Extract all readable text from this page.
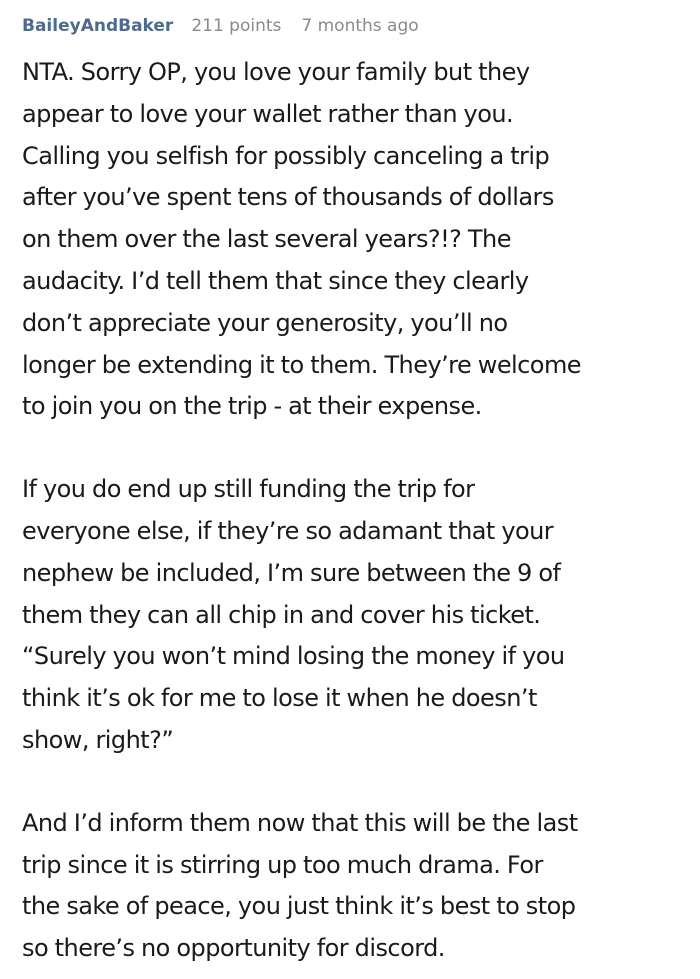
BaileyAndBaker 211 points 7 months ago

NTA. Sorry OP, you love your family but they
appear to love your wallet rather than you.
Calling you selfish for possibly canceling a trip
after you’ve spent tens of thousands of dollars
on them over the last several years?!? The
audacity. I’d tell them that since they clearly
don’t appreciate your generosity, you’ll no
longer be extending it to them. They’re welcome
to join you on the trip - at their expense.

If you do end up still funding the trip for
everyone else, if they’re so adamant that your
nephew be included, I’m sure between the 9 of
them they can all chip in and cover his ticket.
“Surely you won’t mind losing the money if you
think it’s ok for me to lose it when he doesn’t
show, right?”

And I’d inform them now that this will be the last
trip since it is stirring up too much drama. For
the sake of peace, you just think it’s best to stop
so there’s no opportunity for discord.
